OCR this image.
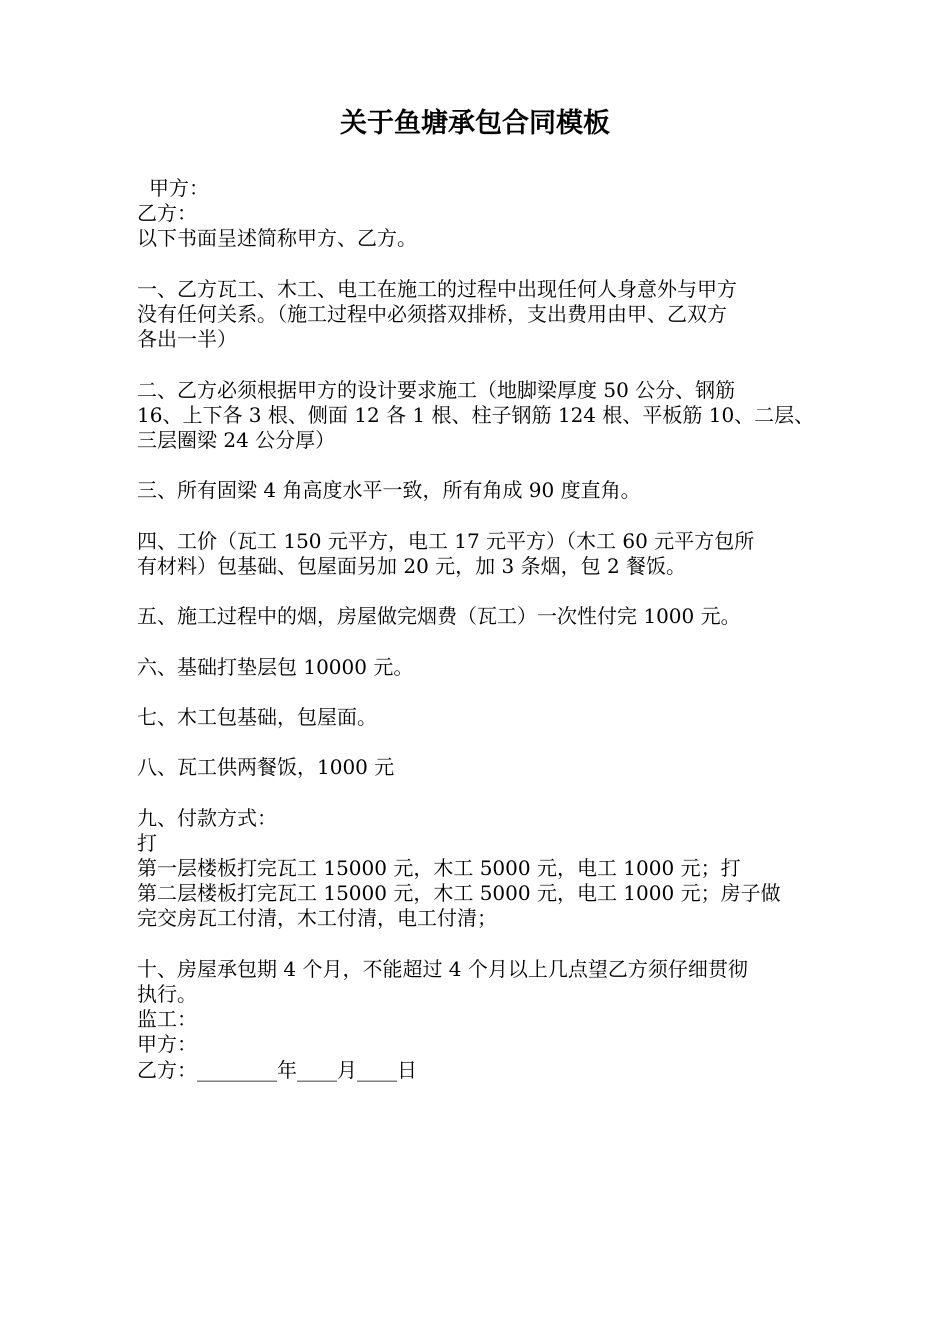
关于鱼塘承包合同模板
甲方：
乙方：
以下书面呈述简称甲方、乙方。
一、乙方瓦工、木工、电工在施工的过程中出现任何人身意外与甲方
没有任何关系。（施工过程中必须搭双排桥，支出费用由甲、乙双方
各出一半）
二、乙方必须根据甲方的设计要求施工（地脚梁厚度 50 公分、钢筋
16、上下各 3 根、侧面 12 各 1 根、柱子钢筋 124 根、平板筋 10、二层、
三层圈梁 24 公分厚）
三、所有固梁 4 角高度水平一致，所有角成 90 度直角。
四、工价（瓦工 150 元平方，电工 17 元平方）（木工 60 元平方包所
有材料）包基础、包屋面另加 20 元，加 3 条烟，包 2 餐饭。
五、施工过程中的烟，房屋做完烟费（瓦工）一次性付完 1000 元。
六、基础打垫层包 10000 元。
七、木工包基础，包屋面。
八、瓦工供两餐饭，1000 元
九、付款方式：
打
第一层楼板打完瓦工 15000 元，木工 5000 元，电工 1000 元；打
第二层楼板打完瓦工 15000 元，木工 5000 元，电工 1000 元；房子做
完交房瓦工付清，木工付清，电工付清；
十、房屋承包期 4 个月，不能超过 4 个月以上几点望乙方须仔细贯彻
执行。
监工：
甲方：
乙方：________年____月____日
